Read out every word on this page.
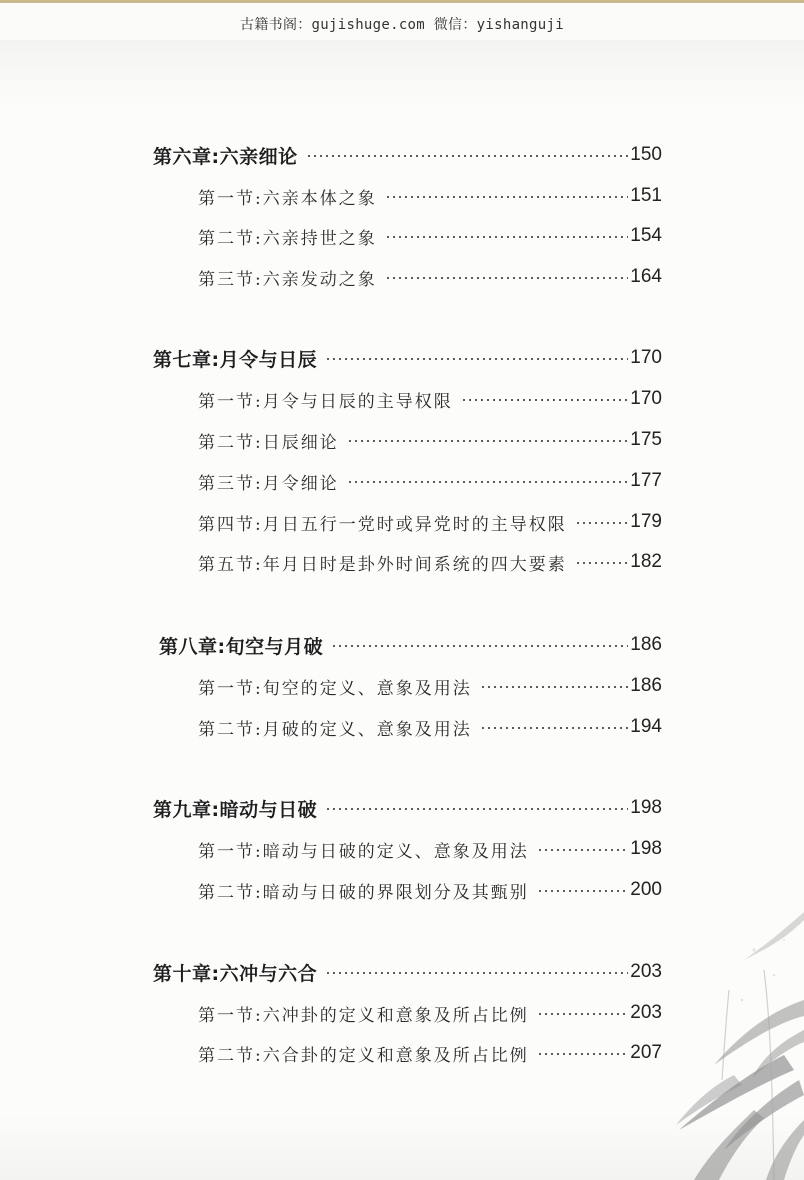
古籍书阁：gujishuge.com 微信：yishanguji
第六章:六亲细论	150
第一节:六亲本体之象	151
第二节:六亲持世之象	154
第三节:六亲发动之象	164
第七章:月令与日辰	170
第一节:月令与日辰的主导权限	170
第二节:日辰细论	175
第三节:月令细论	177
第四节:月日五行一党时或异党时的主导权限	179
第五节:年月日时是卦外时间系统的四大要素	182
第八章:旬空与月破	186
第一节:旬空的定义、意象及用法	186
第二节:月破的定义、意象及用法	194
第九章:暗动与日破	198
第一节:暗动与日破的定义、意象及用法	198
第二节:暗动与日破的界限划分及其甄别	200
第十章:六冲与六合	203
第一节:六冲卦的定义和意象及所占比例	203
第二节:六合卦的定义和意象及所占比例	207
